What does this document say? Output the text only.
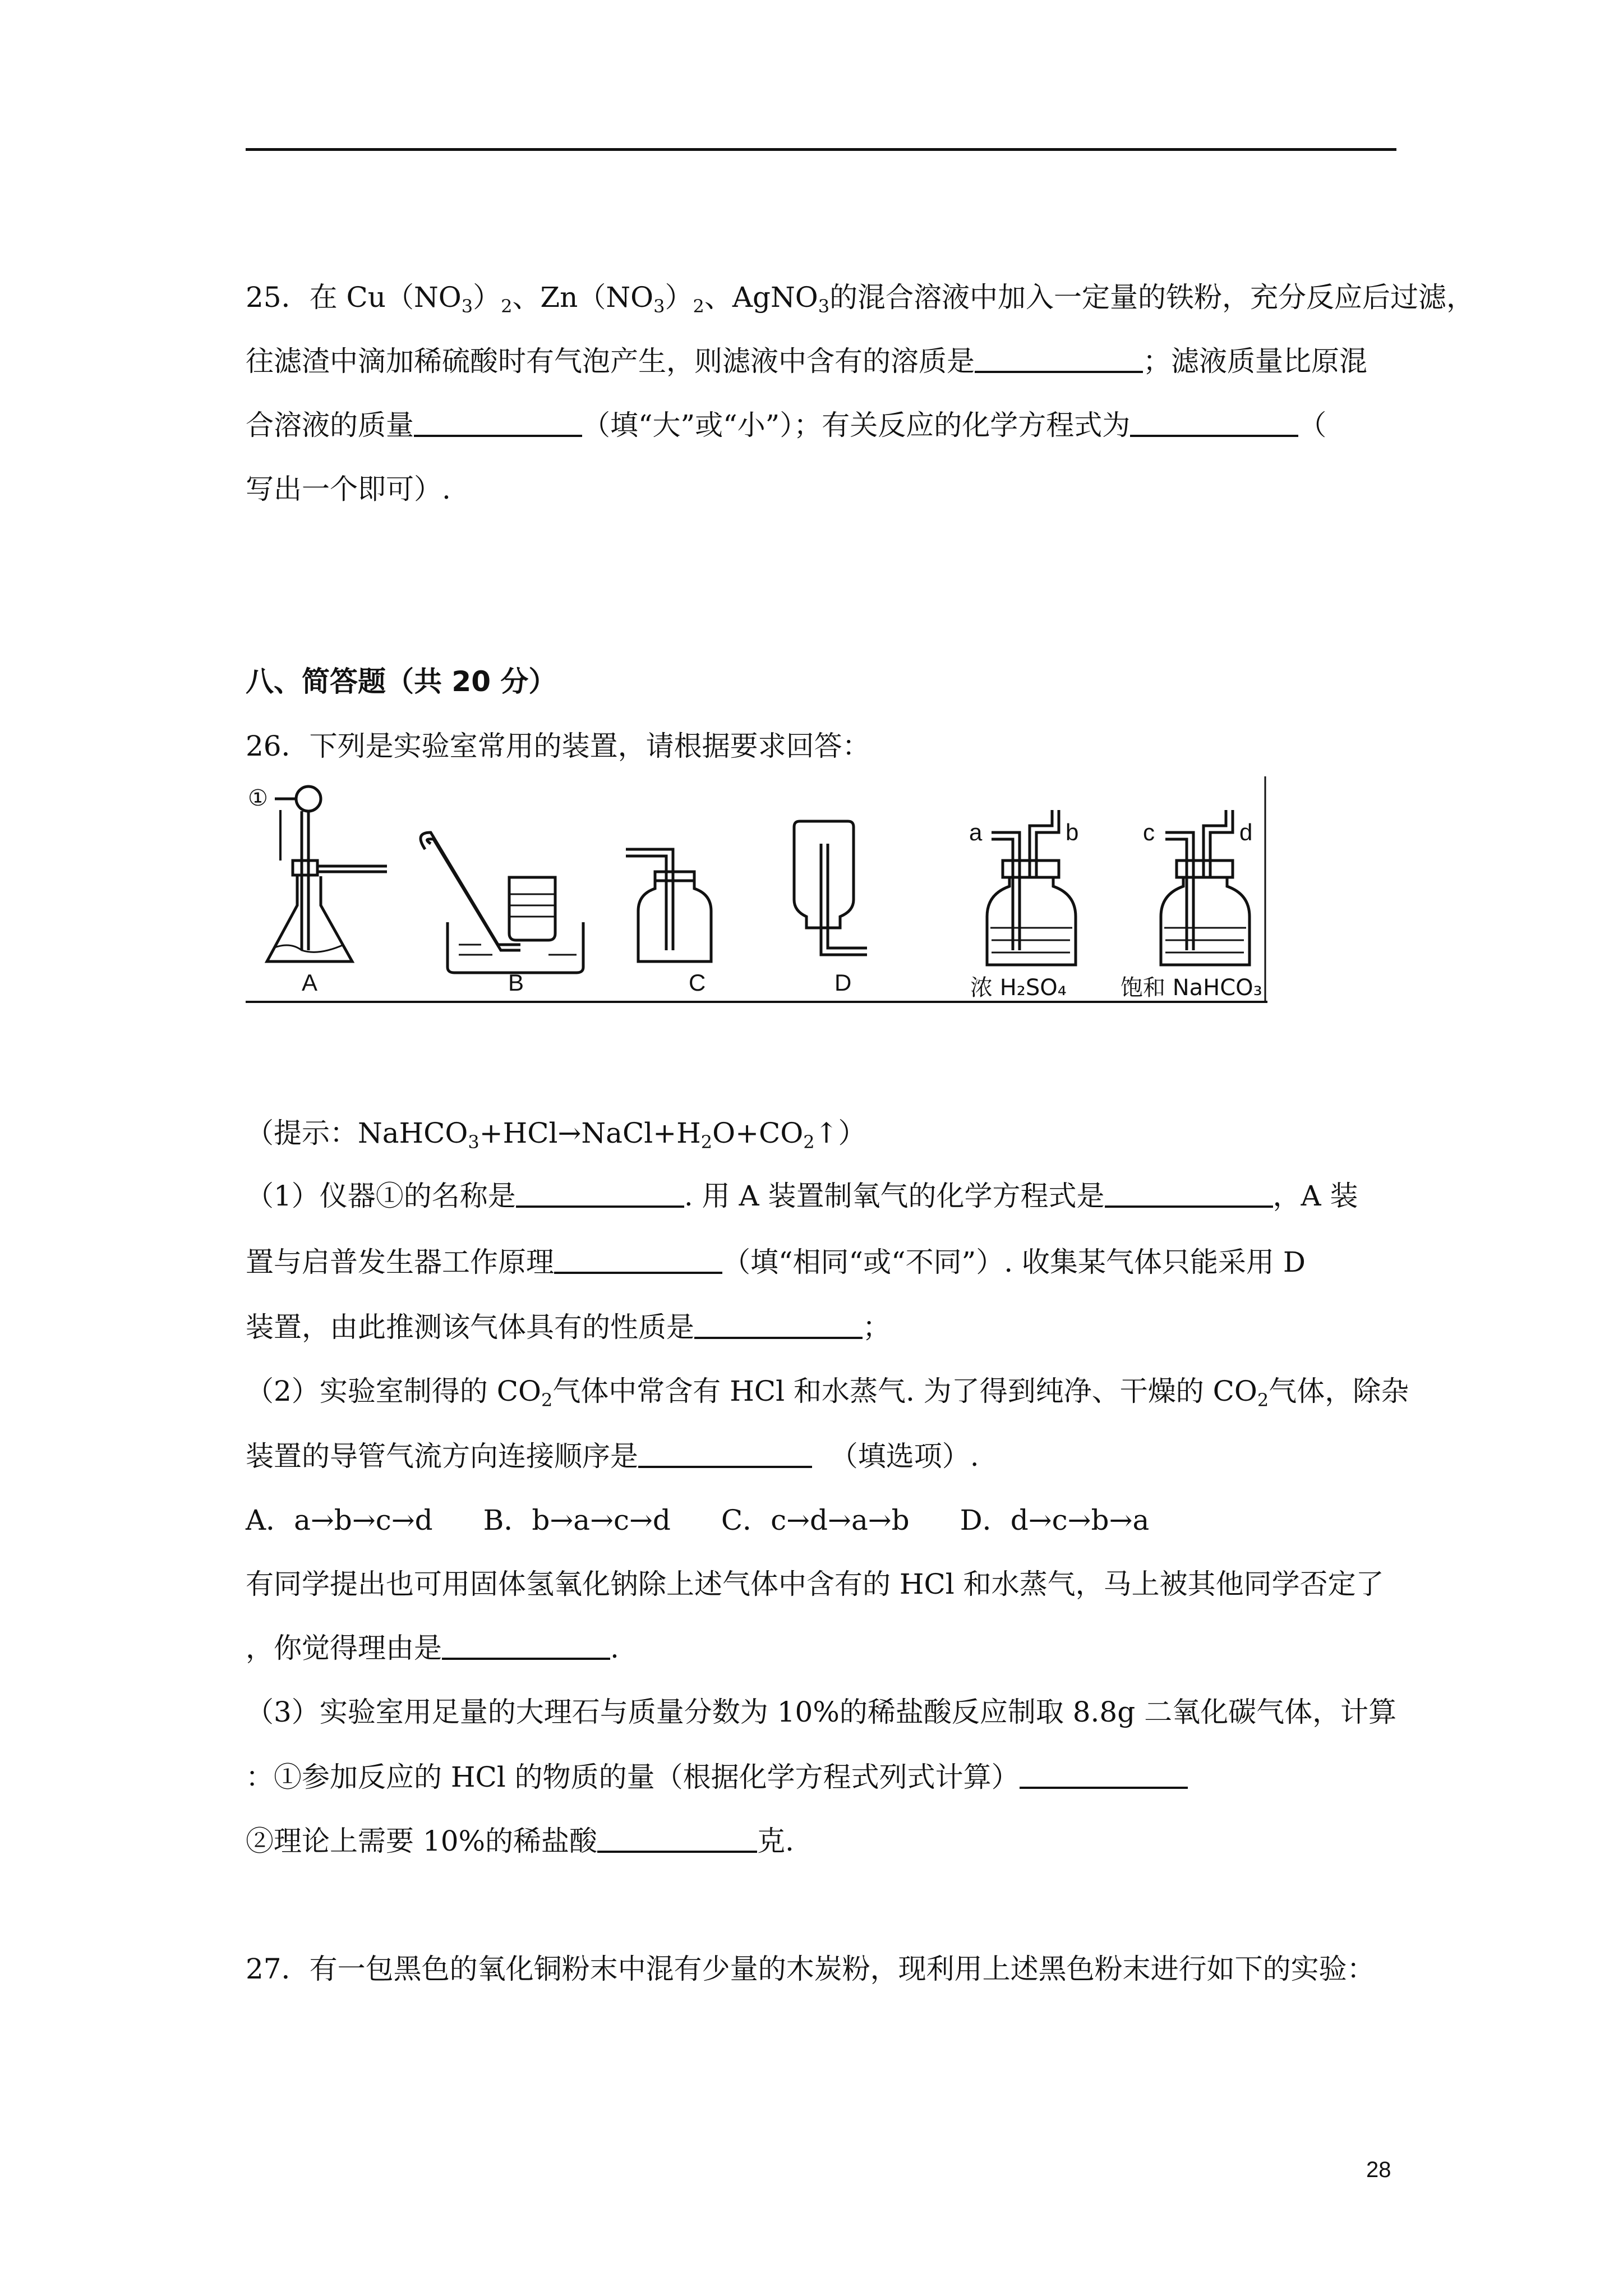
25．在 $Cu(NO_3)_2$、$Zn(NO_3)_2$、AgNO$_3$的混合溶液中加入一定量的铁粉，充分反应后过滤，
往滤渣中滴加稀硫酸时有气泡产生，则滤液中含有的溶质是	；滤液质量比原混
合溶液的质量	（填“大”或“小”）；有关反应的化学方程式为	（
写出一个即可）.
八、简答题（共 20 分）
26．下列是实验室常用的装置，请根据要求回答：
①
A	B	C	D
a	b
浓 H₂SO₄
c	d
饱和 NaHCO₃
（提示：$NaHCO_3+HCl\to NaCl+H_2O+CO_2↑$）
（1）仪器①的名称是	. 用 A 装置制氧气的化学方程式是	，A 装
置与启普发生器工作原理	（填“相同“或“不同”）. 收集某气体只能采用 D
装置，由此推测该气体具有的性质是	；
（2）实验室制得的 $CO_2$气体中常含有 HCl 和水蒸气. 为了得到纯净、干燥的 $CO_2$气体，除杂
装置的导管气流方向连接顺序是	（填选项）.
A．a→b→c→d B．b→a→c→d C．c→d→a→b D．d→c→b→a
有同学提出也可用固体氢氧化钠除上述气体中含有的 HCl 和水蒸气，马上被其他同学否定了
，你觉得理由是	.
（3）实验室用足量的大理石与质量分数为 10%的稀盐酸反应制取 8.8g 二氧化碳气体，计算
：①参加反应的 HCl 的物质的量（根据化学方程式列式计算）
②理论上需要 10%的稀盐酸	克.
27．有一包黑色的氧化铜粉末中混有少量的木炭粉，现利用上述黑色粉末进行如下的实验：
28
